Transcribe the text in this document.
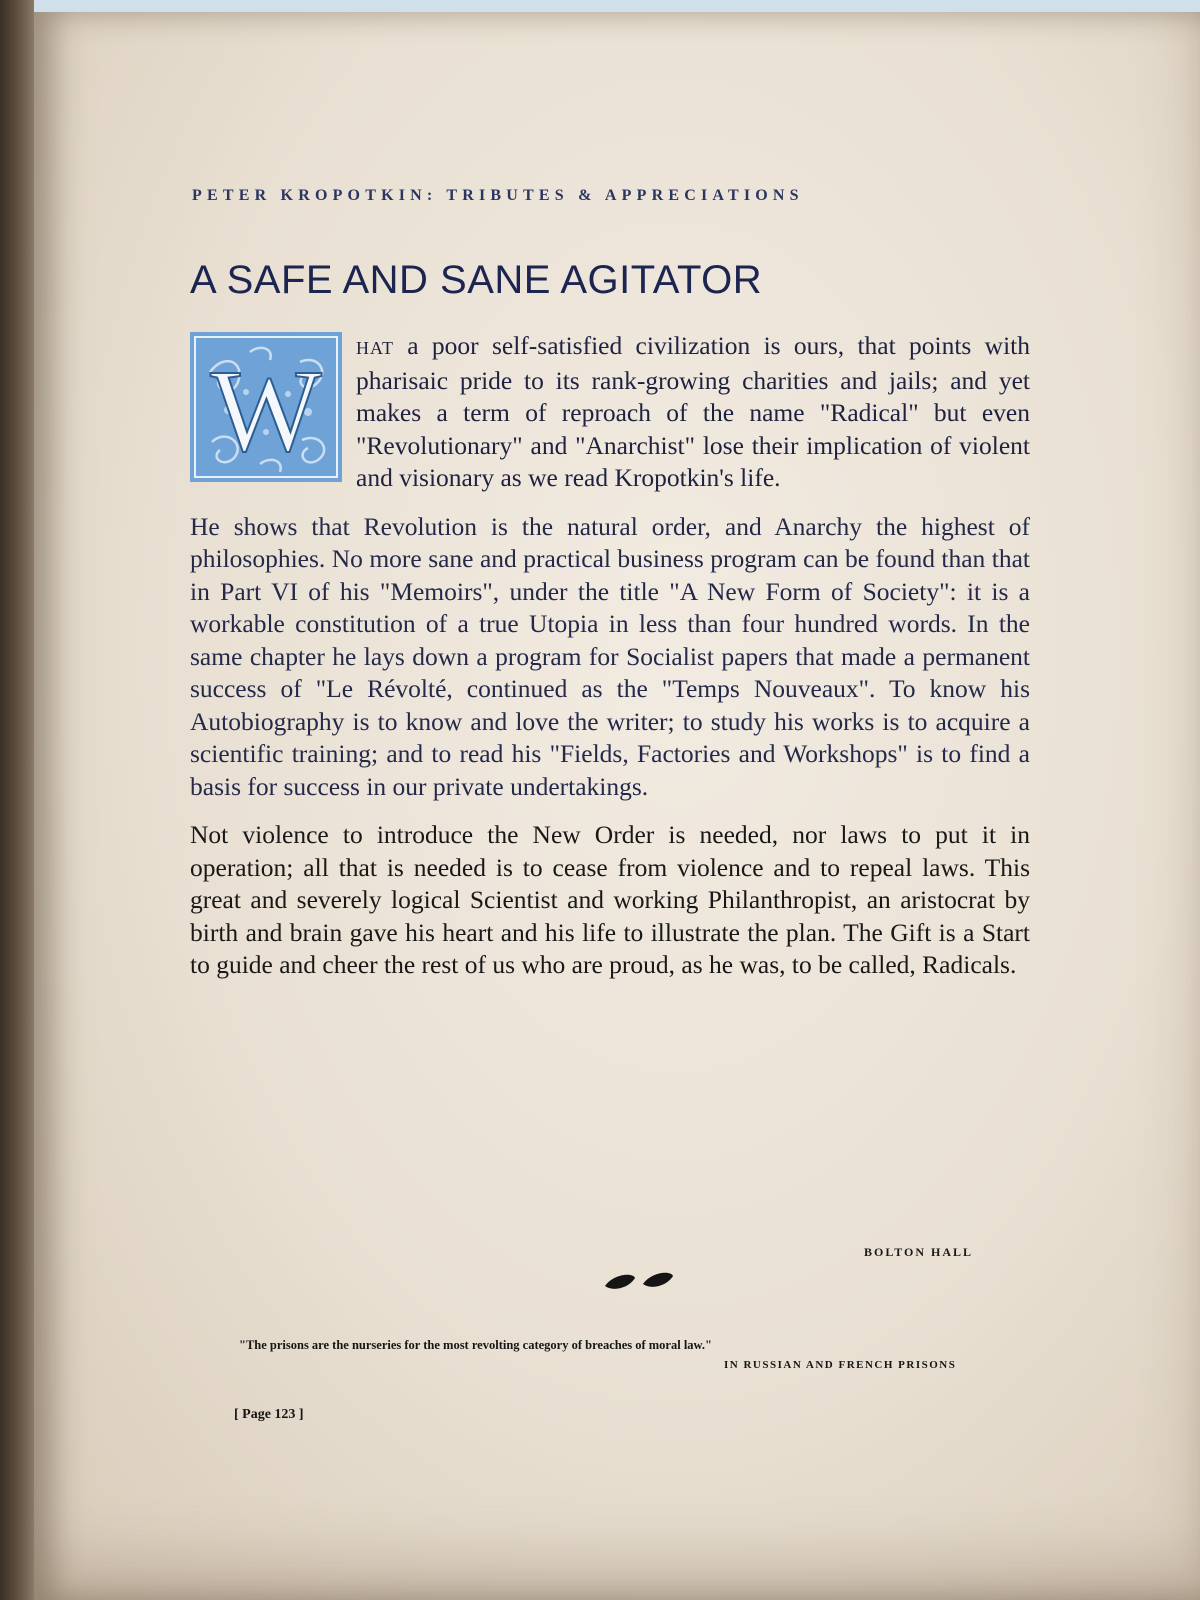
PETER KROPOTKIN: TRIBUTES & APPRECIATIONS
A SAFE AND SANE AGITATOR

W HAT a poor self-satisfied civilization is ours, that points with pharisaic pride to its rank-growing charities and jails; and yet makes a term of reproach of the name "Radical" but even "Revolutionary" and "Anarchist" lose their implication of violent and visionary as we read Kropotkin's life.

He shows that Revolution is the natural order, and Anarchy the highest of philosophies. No more sane and practical business program can be found than that in Part VI of his "Memoirs", under the title "A New Form of Society": it is a workable constitution of a true Utopia in less than four hundred words. In the same chapter he lays down a program for Socialist papers that made a permanent success of "Le Révolté, continued as the "Temps Nouveaux". To know his Autobiography is to know and love the writer; to study his works is to acquire a scientific training; and to read his "Fields, Factories and Workshops" is to find a basis for success in our private undertakings.

Not violence to introduce the New Order is needed, nor laws to put it in operation; all that is needed is to cease from violence and to repeal laws. This great and severely logical Scientist and working Philanthropist, an aristocrat by birth and brain gave his heart and his life to illustrate the plan. The Gift is a Start to guide and cheer the rest of us who are proud, as he was, to be called, Radicals.

BOLTON HALL
"The prisons are the nurseries for the most revolting category of breaches of moral law."
IN RUSSIAN AND FRENCH PRISONS
[ Page 123 ]
